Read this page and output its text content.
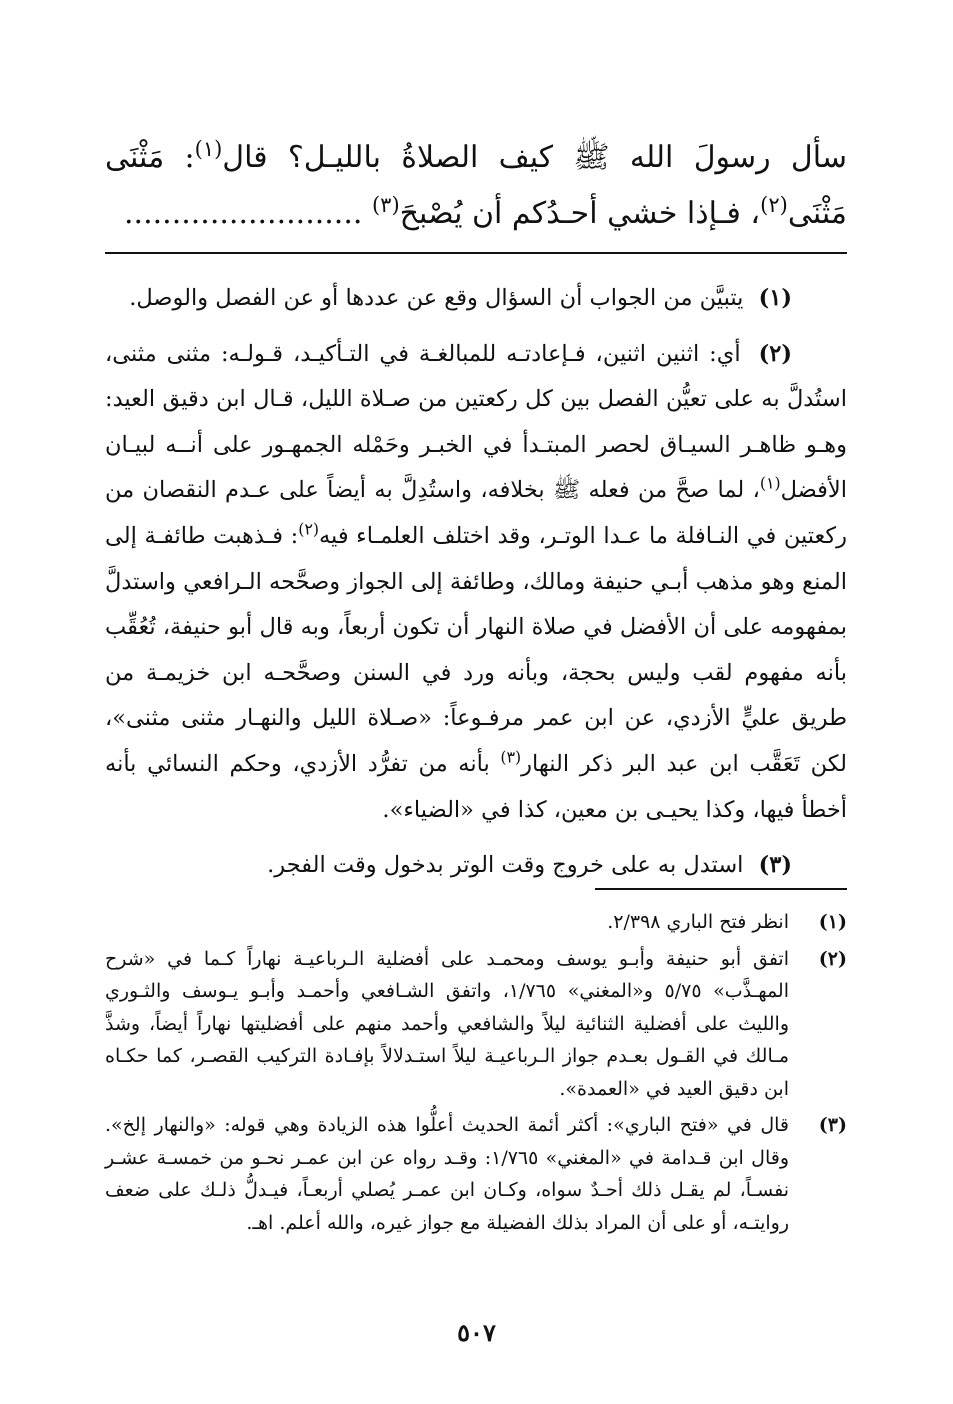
سأل رسولَ الله ﷺ كيف الصلاةُ بالليـل؟ قال$^{(١)}$: مَثْنَى مَثْنَى$^{(٢)}$، فـإذا خشي أحـدُكم أن يُصْبحَ$^{(٣)}$ .........................

(١) يتبيَّن من الجواب أن السؤال وقع عن عددها أو عن الفصل والوصل.

(٢) أي: اثنين اثنين، فـإعادتـه للمبالغـة في التـأكيـد، قـولـه: مثنى مثنى، استُدلَّ به على تعيُّن الفصل بين كل ركعتين من صـلاة الليل، قـال ابن دقيق العيد: وهـو ظاهـر السيـاق لحصر المبتـدأ في الخبـر وحَمْله الجمهـور على أنــه لبيـان الأفضل$^{(١)}$، لما صحَّ من فعله ﷺ بخلافه، واستُدِلَّ به أيضاً على عـدم النقصان من ركعتين في النـافلة ما عـدا الوتـر، وقد اختلف العلمـاء فيه$^{(٢)}$: فـذهبت طائفـة إلى المنع وهو مذهب أبـي حنيفة ومالك، وطائفة إلى الجواز وصحَّحه الـرافعي واستدلَّ بمفهومه على أن الأفضل في صلاة النهار أن تكون أربعاً، وبه قال أبو حنيفة، تُعُقِّب بأنه مفهوم لقب وليس بحجة، وبأنه ورد في السنن وصحَّحـه ابن خزيمـة من طريق عليٍّ الأزدي، عن ابن عمر مرفـوعاً: «صـلاة الليل والنهـار مثنى مثنى»، لكن تَعَقَّب ابن عبد البر ذكر النهار$^{(٣)}$ بأنه من تفرُّد الأزدي، وحكم النسائي بأنه أخطأ فيها، وكذا يحيـى بن معين، كذا في «الضياء».

(٣) استدل به على خروج وقت الوتر بدخول وقت الفجر.

(١)
انظر فتح الباري ٢/٣٩٨.
(٢)
اتفق أبو حنيفة وأبـو يوسف ومحمـد على أفضلية الـرباعيـة نهاراً كـما في «شرح المهـذَّب» ٥/٧٥ و«المغني» ١/٧٦٥، واتفق الشـافعي وأحمـد وأبـو يـوسف والثـوري والليث على أفضلية الثنائية ليلاً والشافعي وأحمد منهم على أفضليتها نهاراً أيضاً، وشذَّ مـالك في القـول بعـدم جواز الـرباعيـة ليلاً استـدلالاً بإفـادة التركيب القصـر، كما حكـاه ابن دقيق العيد في «العمدة».
(٣)
قال في «فتح الباري»: أكثر أئمة الحديث أعلُّوا هذه الزيادة وهي قوله: «والنهار إلخ». وقال ابن قـدامة في «المغني» ١/٧٦٥: وقـد رواه عن ابن عمـر نحـو من خمسـة عشـر نفسـاً، لم يقـل ذلك أحـدٌ سواه، وكـان ابن عمـر يُصلي أربعـاً، فيـدلُّ ذلـك على ضعف روايتـه، أو على أن المراد بذلك الفضيلة مع جواز غيره، والله أعلم. اهـ.
٥٠٧
